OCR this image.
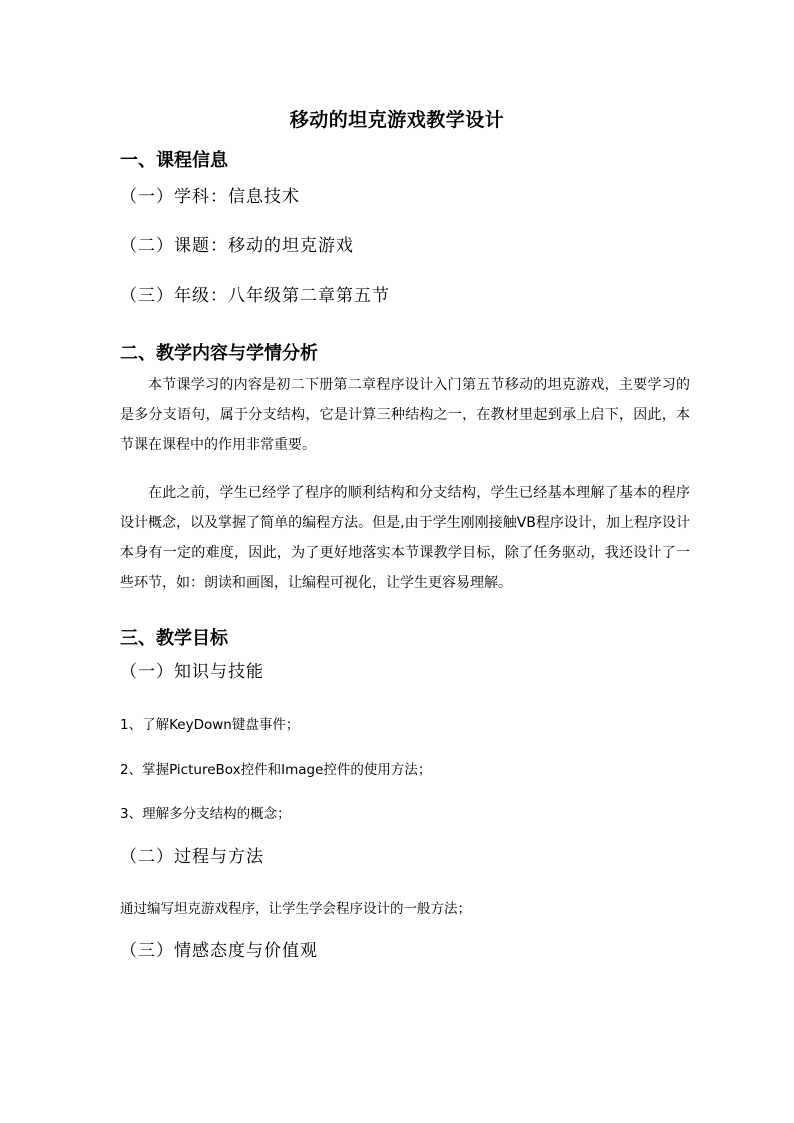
移动的坦克游戏教学设计
一、课程信息
（一）学科：信息技术
（二）课题：移动的坦克游戏
（三）年级：八年级第二章第五节
二、教学内容与学情分析
本节课学习的内容是初二下册第二章程序设计入门第五节移动的坦克游戏，主要学习的是多分支语句，属于分支结构，它是计算三种结构之一，在教材里起到承上启下，因此，本节课在课程中的作用非常重要。
在此之前，学生已经学了程序的顺利结构和分支结构，学生已经基本理解了基本的程序设计概念，以及掌握了简单的编程方法。但是,由于学生刚刚接触VB程序设计，加上程序设计本身有一定的难度，因此，为了更好地落实本节课教学目标，除了任务驱动，我还设计了一些环节，如：朗读和画图，让编程可视化，让学生更容易理解。
三、教学目标
（一）知识与技能
1、了解KeyDown键盘事件；
2、掌握PictureBox控件和Image控件的使用方法；
3、理解多分支结构的概念；
（二）过程与方法
通过编写坦克游戏程序，让学生学会程序设计的一般方法；
（三）情感态度与价值观
